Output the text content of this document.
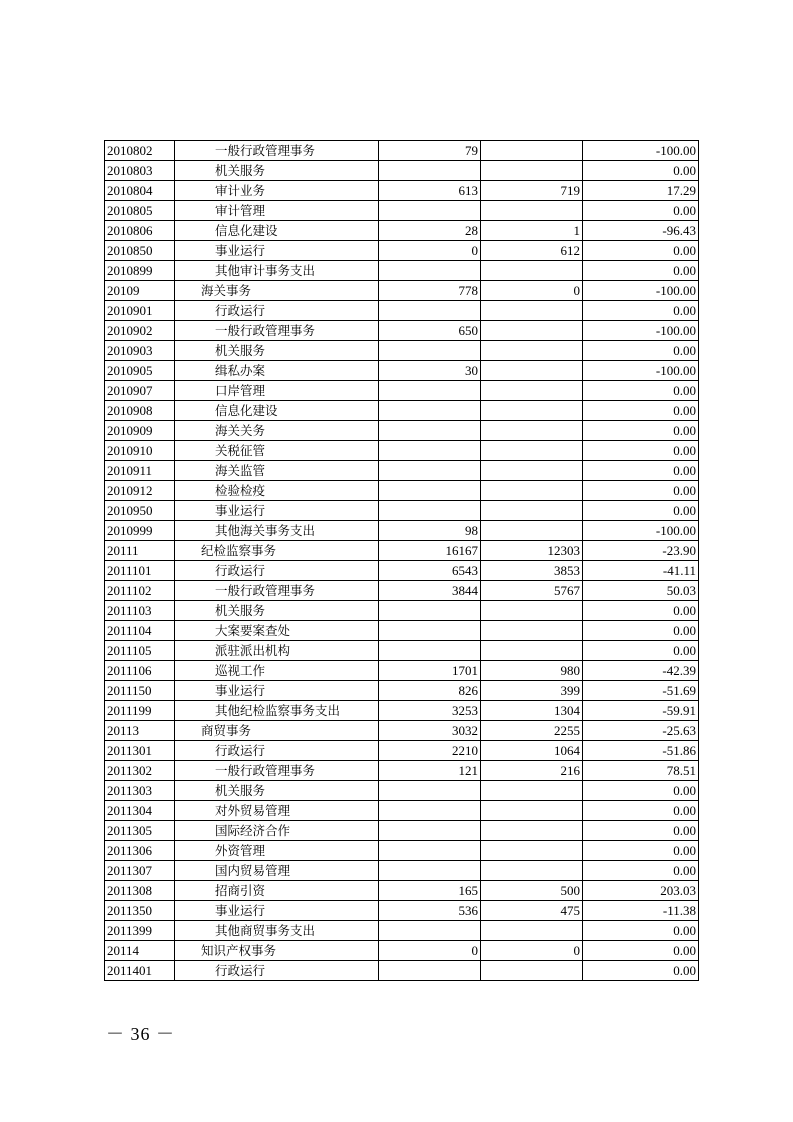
2010802	一般行政管理事务	79		-100.00
2010803	机关服务			0.00
2010804	审计业务	613	719	17.29
2010805	审计管理			0.00
2010806	信息化建设	28	1	-96.43
2010850	事业运行	0	612	0.00
2010899	其他审计事务支出			0.00
20109	海关事务	778	0	-100.00
2010901	行政运行			0.00
2010902	一般行政管理事务	650		-100.00
2010903	机关服务			0.00
2010905	缉私办案	30		-100.00
2010907	口岸管理			0.00
2010908	信息化建设			0.00
2010909	海关关务			0.00
2010910	关税征管			0.00
2010911	海关监管			0.00
2010912	检验检疫			0.00
2010950	事业运行			0.00
2010999	其他海关事务支出	98		-100.00
20111	纪检监察事务	16167	12303	-23.90
2011101	行政运行	6543	3853	-41.11
2011102	一般行政管理事务	3844	5767	50.03
2011103	机关服务			0.00
2011104	大案要案查处			0.00
2011105	派驻派出机构			0.00
2011106	巡视工作	1701	980	-42.39
2011150	事业运行	826	399	-51.69
2011199	其他纪检监察事务支出	3253	1304	-59.91
20113	商贸事务	3032	2255	-25.63
2011301	行政运行	2210	1064	-51.86
2011302	一般行政管理事务	121	216	78.51
2011303	机关服务			0.00
2011304	对外贸易管理			0.00
2011305	国际经济合作			0.00
2011306	外资管理			0.00
2011307	国内贸易管理			0.00
2011308	招商引资	165	500	203.03
2011350	事业运行	536	475	-11.38
2011399	其他商贸事务支出			0.00
20114	知识产权事务	0	0	0.00
2011401	行政运行			0.00
－ 36 －
